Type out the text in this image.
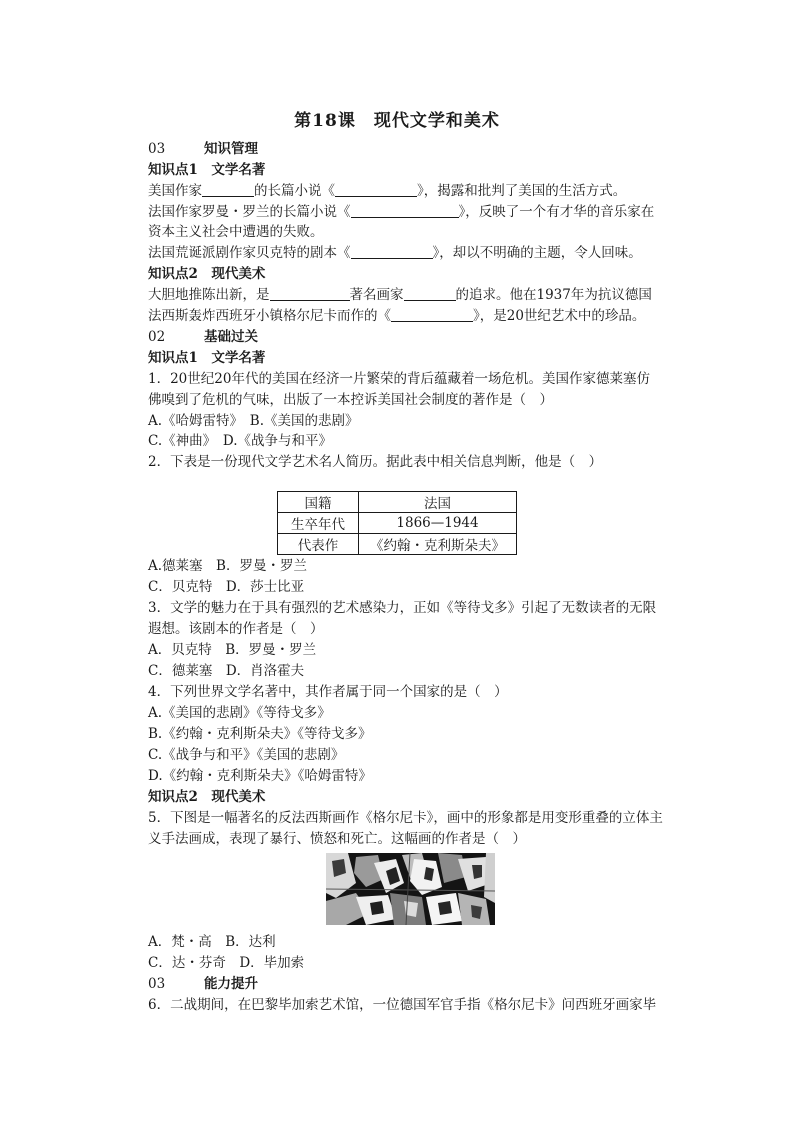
第18课　现代文学和美术
03	知识管理
知识点1　文学名著
美国作家	的长篇小说《	》，揭露和批判了美国的生活方式。
法国作家罗曼・罗兰的长篇小说《	》，反映了一个有才华的音乐家在
资本主义社会中遭遇的失败。
法国荒诞派剧作家贝克特的剧本《	》，却以不明确的主题，令人回味。
知识点2　现代美术
大胆地推陈出新，是	著名画家	的追求。他在1937年为抗议德国
法西斯轰炸西班牙小镇格尔尼卡而作的《	》，是20世纪艺术中的珍品。
02	基础过关
知识点1　文学名著
1．20世纪20年代的美国在经济一片繁荣的背后蕴藏着一场危机。美国作家德莱塞仿
佛嗅到了危机的气味，出版了一本控诉美国社会制度的著作是（　）
A.《哈姆雷特》　B.《美国的悲剧》
C.《神曲》　D.《战争与和平》
2．下表是一份现代文学艺术名人简历。据此表中相关信息判断，他是（　）
国籍	法国
生卒年代	1866—1944
代表作	《约翰・克利斯朵夫》
A.德莱塞　B．罗曼・罗兰
C．贝克特　D．莎士比亚
3．文学的魅力在于具有强烈的艺术感染力，正如《等待戈多》引起了无数读者的无限
遐想。该剧本的作者是（　）
A．贝克特　B．罗曼・罗兰
C．德莱塞　D．肖洛霍夫
4．下列世界文学名著中，其作者属于同一个国家的是（　）
A.《美国的悲剧》《等待戈多》
B.《约翰・克利斯朵夫》《等待戈多》
C.《战争与和平》《美国的悲剧》
D.《约翰・克利斯朵夫》《哈姆雷特》
知识点2　现代美术
5．下图是一幅著名的反法西斯画作《格尔尼卡》，画中的形象都是用变形重叠的立体主
义手法画成，表现了暴行、愤怒和死亡。这幅画的作者是（　）
A．梵・高　B．达利
C．达・芬奇　D．毕加索
03	能力提升
6．二战期间，在巴黎毕加索艺术馆，一位德国军官手指《格尔尼卡》问西班牙画家毕
